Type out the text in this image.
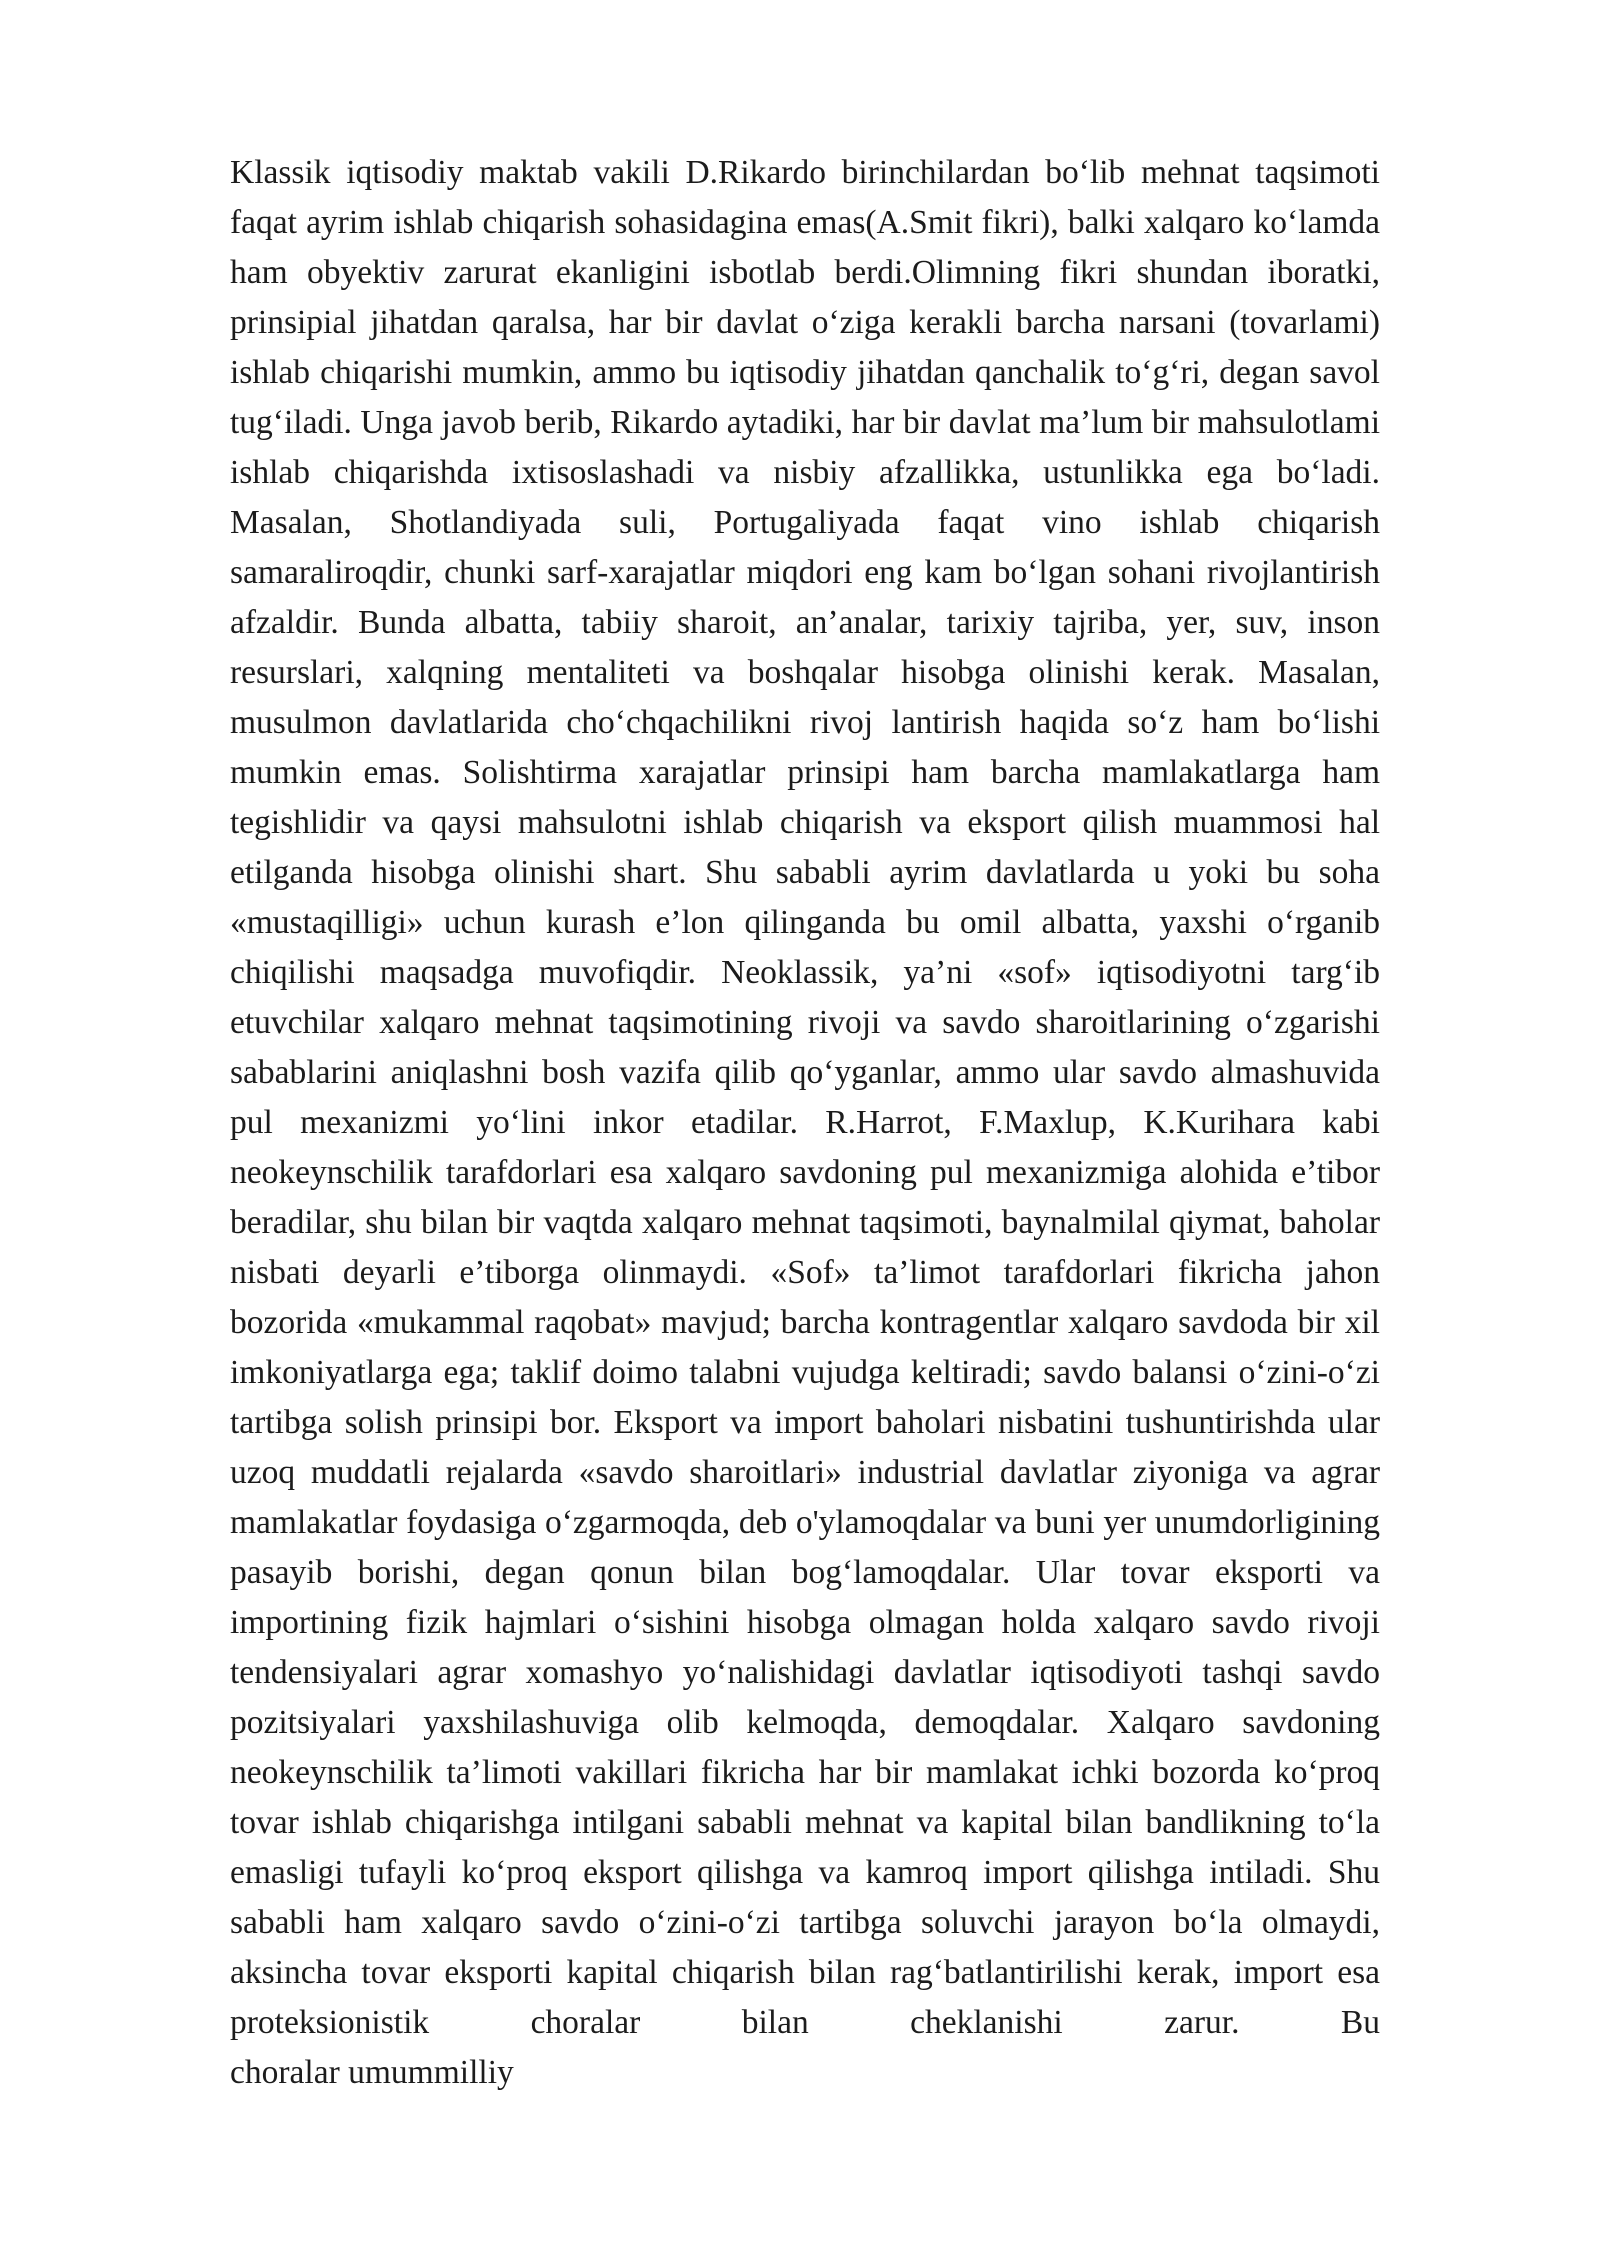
Klassik iqtisodiy maktab vakili D.Rikardo birinchilardan bo‘lib mehnat taqsimoti faqat ayrim ishlab chiqarish sohasidagina emas(A.Smit fikri), balki xalqaro ko‘lamda ham obyektiv zarurat ekanligini isbotlab berdi.Olimning fikri shundan iboratki, prinsipial jihatdan qaralsa, har bir davlat o‘ziga kerakli barcha narsani (tovarlami) ishlab chiqarishi mumkin, ammo bu iqtisodiy jihatdan qanchalik to‘g‘ri, degan savol tug‘iladi. Unga javob berib, Rikardo aytadiki, har bir davlat ma’lum bir mahsulotlami ishlab chiqarishda ixtisoslashadi va nisbiy afzallikka, ustunlikka ega bo‘ladi. Masalan, Shotlandiyada suli, Portugaliyada faqat vino ishlab chiqarish samaraliroqdir, chunki sarf-xarajatlar miqdori eng kam bo‘lgan sohani rivojlantirish afzaldir. Bunda albatta, tabiiy sharoit, an’analar, tarixiy tajriba, yer, suv, inson resurslari, xalqning mentaliteti va boshqalar hisobga olinishi kerak. Masalan, musulmon davlatlarida cho‘chqachilikni rivoj lantirish haqida so‘z ham bo‘lishi mumkin emas. Solishtirma xarajatlar prinsipi ham barcha mamlakatlarga ham tegishlidir va qaysi mahsulotni ishlab chiqarish va eksport qilish muammosi hal etilganda hisobga olinishi shart. Shu sababli ayrim davlatlarda u yoki bu soha «mustaqilligi» uchun kurash e’lon qilinganda bu omil albatta, yaxshi o‘rganib chiqilishi maqsadga muvofiqdir. Neoklassik, ya’ni «sof» iqtisodiyotni targ‘ib etuvchilar xalqaro mehnat taqsimotining rivoji va savdo sharoitlarining o‘zgarishi sabablarini aniqlashni bosh vazifa qilib qo‘yganlar, ammo ular savdo almashuvida pul mexanizmi yo‘lini inkor etadilar. R.Harrot, F.Maxlup, K.Kurihara kabi neokeynschilik tarafdorlari esa xalqaro savdoning pul mexanizmiga alohida e’tibor beradilar, shu bilan bir vaqtda xalqaro mehnat taqsimoti, baynalmilal qiymat, baholar nisbati deyarli e’tiborga olinmaydi. «Sof» ta’limot tarafdorlari fikricha jahon bozorida «mukammal raqobat» mavjud; barcha kontragentlar xalqaro savdoda bir xil imkoniyatlarga ega; taklif doimo talabni vujudga keltiradi; savdo balansi o‘zini-o‘zi tartibga solish prinsipi bor. Eksport va import baholari nisbatini tushuntirishda ular uzoq muddatli rejalarda «savdo sharoitlari» industrial davlatlar ziyoniga va agrar mamlakatlar foydasiga o‘zgarmoqda, deb o'ylamoqdalar va buni yer unumdorligining pasayib borishi, degan qonun bilan bog‘lamoqdalar. Ular tovar eksporti va importining fizik hajmlari o‘sishini hisobga olmagan holda xalqaro savdo rivoji tendensiyalari agrar xomashyo yo‘nalishidagi davlatlar iqtisodiyoti tashqi savdo pozitsiyalari yaxshilashuviga olib kelmoqda, demoqdalar. Xalqaro savdoning neokeynschilik ta’limoti vakillari fikricha har bir mamlakat ichki bozorda ko‘proq tovar ishlab chiqarishga intilgani sababli mehnat va kapital bilan bandlikning to‘la emasligi tufayli ko‘proq eksport qilishga va kamroq import qilishga intiladi. Shu sababli ham xalqaro savdo o‘zini-o‘zi tartibga soluvchi jarayon bo‘la olmaydi, aksincha tovar eksporti kapital chiqarish bilan rag‘batlantirilishi kerak, import esa proteksionistik choralar bilan cheklanishi zarur. Bu
choralar umummilliy
